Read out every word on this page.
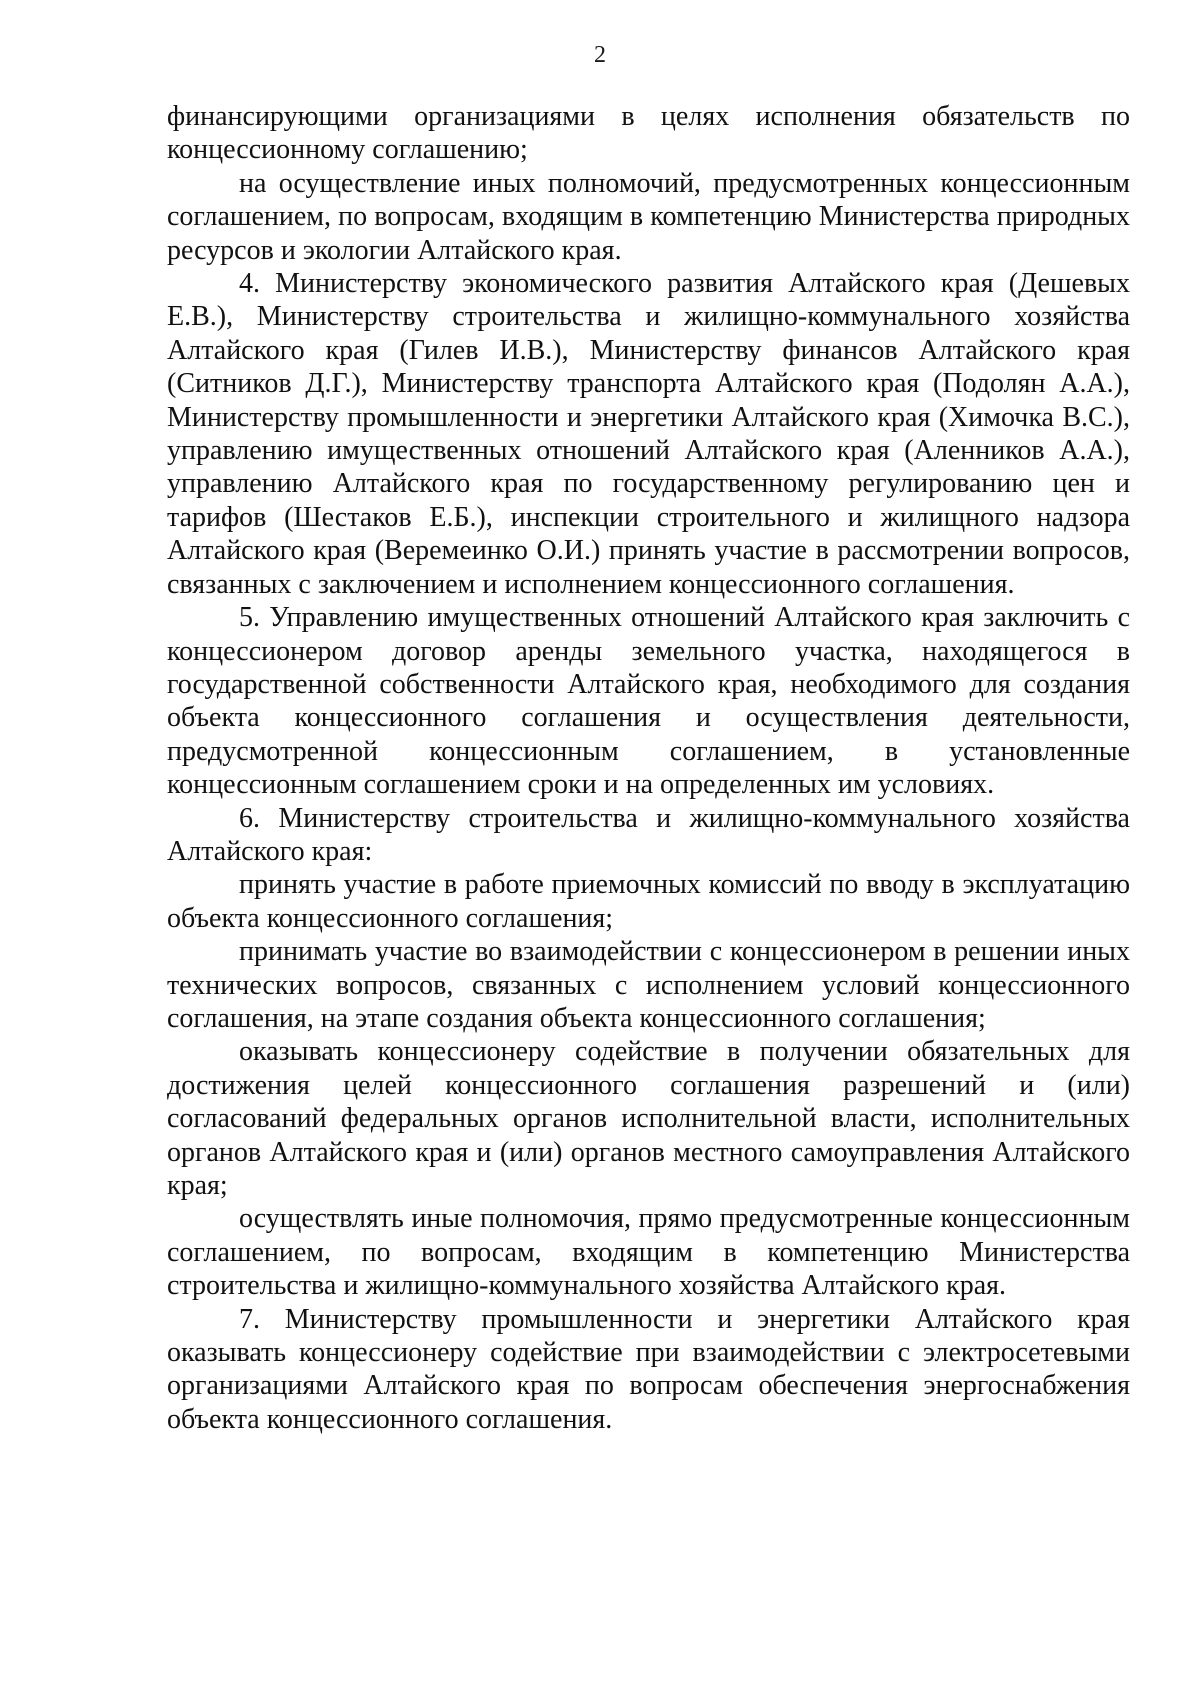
2

финансирующими организациями в целях исполнения обязательств по концессионному соглашению;

на осуществление иных полномочий, предусмотренных концессионным соглашением, по вопросам, входящим в компетенцию Министерства природных ресурсов и экологии Алтайского края.

4. Министерству экономического развития Алтайского края (Дешевых Е.В.), Министерству строительства и жилищно-коммунального хозяйства Алтайского края (Гилев И.В.), Министерству финансов Алтайского края (Ситников Д.Г.), Министерству транспорта Алтайского края (Подолян А.А.), Министерству промышленности и энергетики Алтайского края (Химочка В.С.), управлению имущественных отношений Алтайского края (Аленников А.А.), управлению Алтайского края по государственному регулированию цен и тарифов (Шестаков Е.Б.), инспекции строительного и жилищного надзора Алтайского края (Веремеинко О.И.) принять участие в рассмотрении вопросов, связанных с заключением и исполнением концессионного соглашения.

5. Управлению имущественных отношений Алтайского края заключить с концессионером договор аренды земельного участка, находящегося в государственной собственности Алтайского края, необходимого для создания объекта концессионного соглашения и осуществления деятельности, предусмотренной концессионным соглашением, в установленные концессионным соглашением сроки и на определенных им условиях.

6. Министерству строительства и жилищно-коммунального хозяйства Алтайского края:

принять участие в работе приемочных комиссий по вводу в эксплуатацию объекта концессионного соглашения;

принимать участие во взаимодействии с концессионером в решении иных технических вопросов, связанных с исполнением условий концессионного соглашения, на этапе создания объекта концессионного соглашения;

оказывать концессионеру содействие в получении обязательных для достижения целей концессионного соглашения разрешений и (или) согласований федеральных органов исполнительной власти, исполнительных органов Алтайского края и (или) органов местного самоуправления Алтайского края;

осуществлять иные полномочия, прямо предусмотренные концессионным соглашением, по вопросам, входящим в компетенцию Министерства строительства и жилищно-коммунального хозяйства Алтайского края.

7. Министерству промышленности и энергетики Алтайского края оказывать концессионеру содействие при взаимодействии с электросетевыми организациями Алтайского края по вопросам обеспечения энергоснабжения объекта концессионного соглашения.
